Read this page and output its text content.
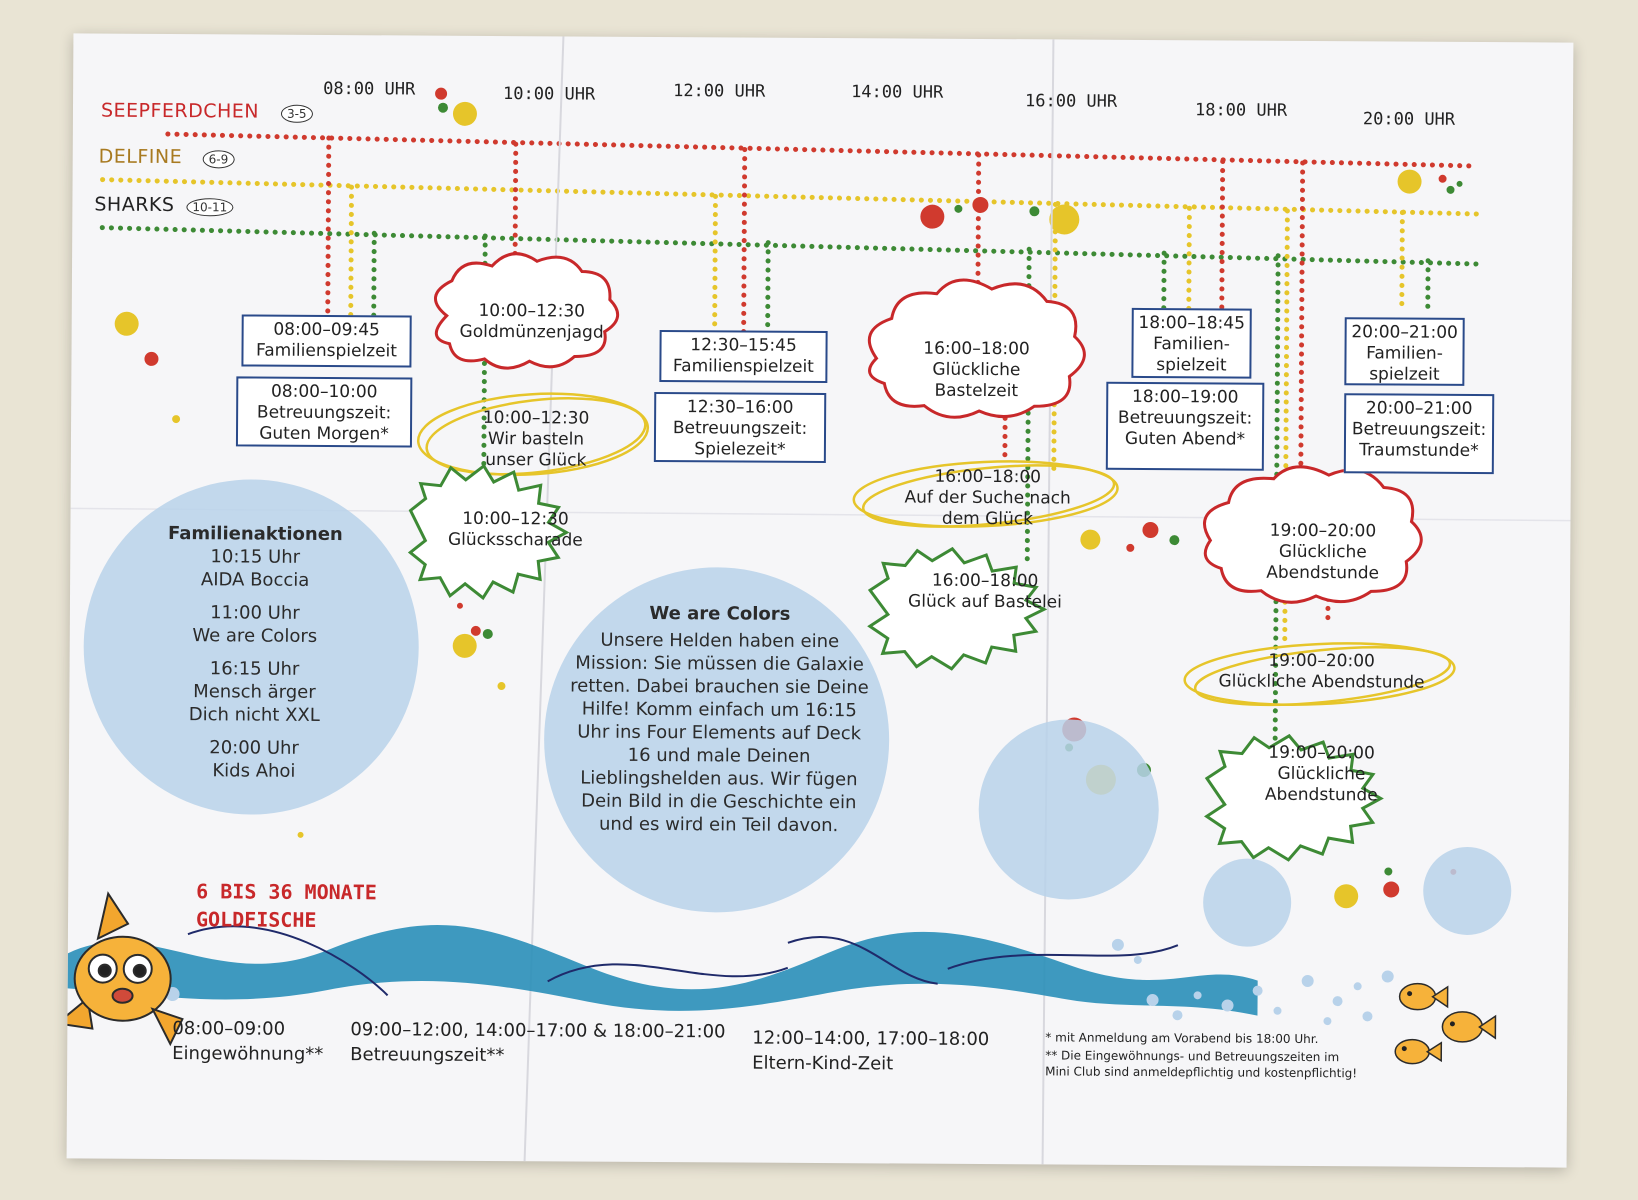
08:00 UHR	10:00 UHR	12:00 UHR	14:00 UHR	16:00 UHR	18:00 UHR	20:00 UHR
SEEPFERDCHEN	3-5
DELFINE	6-9
SHARKS	10-11
08:00–09:45
Familienspielzeit
08:00–10:00
Betreuungszeit: Guten Morgen*
12:30–15:45
Familienspielzeit
12:30–16:00
Betreuungszeit: Spielezeit*
18:00–18:45
Familien- spielzeit
18:00–19:00
Betreuungszeit: Guten Abend*
20:00–21:00
Familien- spielzeit
20:00–21:00
Betreuungszeit: Traumstunde*
10:00–12:30
Goldmünzenjagd
16:00–18:00
Glückliche Bastelzeit
19:00–20:00
Glückliche Abendstunde
10:00–12:30
Wir basteln unser Glück
16:00–18:00
Auf der Suche nach dem Glück
19:00–20:00
Glückliche Abendstunde
10:00–12:30
Glücksscharade
16:00–18:00
Glück auf Bastelei
19:00–20:00
Glückliche Abendstunde
Familienaktionen
10:15 Uhr
AIDA Boccia
11:00 Uhr
We are Colors
16:15 Uhr
Mensch ärger Dich nicht XXL
20:00 Uhr
Kids Ahoi
We are Colors
Unsere Helden haben eine Mission: Sie müssen die Galaxie retten. Dabei brauchen sie Deine Hilfe! Komm einfach um 16:15 Uhr ins Four Elements auf Deck 16 und male Deinen Lieblingshelden aus. Wir fügen Dein Bild in die Geschichte ein und es wird ein Teil davon.
6 BIS 36 MONATE
GOLDFISCHE
08:00–09:00
Eingewöhnung**
09:00–12:00, 14:00–17:00 & 18:00–21:00
Betreuungszeit**
12:00–14:00, 17:00–18:00
Eltern-Kind-Zeit
* mit Anmeldung am Vorabend bis 18:00 Uhr.
** Die Eingewöhnungs- und Betreuungszeiten im Mini Club sind anmeldepflichtig und kostenpflichtig!
